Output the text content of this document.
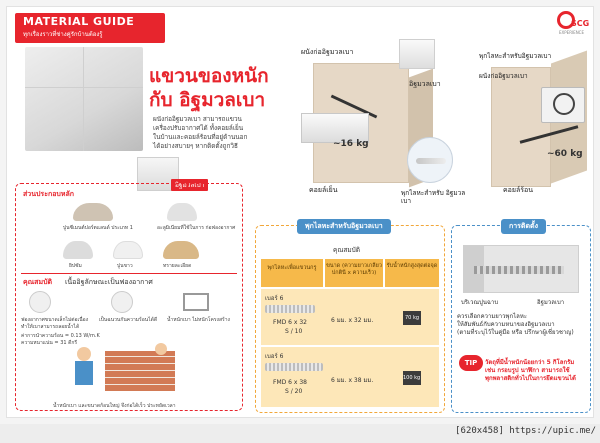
MATERIAL GUIDE
ทุกเรื่องราวที่ช่างคู่รักบ้านต้องรู้
SCG
EXPERIENCE
แขวนของหนัก
กับ อิฐมวลเบา
ผนังก่ออิฐมวลเบา สามารถแขวน
เครื่องปรับอากาศได้ ทั้งคอยล์เย็น
ในบ้านและคอยล์ร้อนที่อยู่ด้านนอก
ได้อย่างสบายๆ หากติดตั้งถูกวิธี
อิฐมวลเบา
ส่วนประกอบหลัก
ปูนซีเมนต์ปอร์ตแลนด์ ประเภท 1	อะลูมิเนียมที่ใช้ในการ ก่อฟองอากาศ
ยิปซัม	ปูนขาว	ทรายละเอียด
คุณสมบัติ เนื้ออิฐลักษณะเป็นฟองอากาศ
ฟองอากาศขนาดเล็กไม่ต่อเนื่อง ทำให้เบาสามารถลอยน้ำได้
เป็นฉนวนกันความร้อนได้ดี	น้ำหนักเบา ไม่หนักโครงสร้าง
ค่าการนำความร้อน = 0.13 W/m.K
ความหนาแน่น = 31 ดีกรี
น้ำหนักเบา และขนาดก้อนใหญ่ จึงก่อได้เร็ว ประหยัดเวลา
ผนังก่ออิฐมวลเบา
อิฐมวลเบา
~16 kg
คอยล์เย็น	พุกไลหะสำหรับ อิฐมวลเบา
พุกไลหะสำหรับอิฐมวลเบา
ผนังก่ออิฐมวลเบา
~60 kg
คอยล์ร้อน
พุกไลหะสำหรับอิฐมวลเบา
คุณสมบัติ
พุกไลหะเพื่อแขวนกรู	ขนาด (ความยาวเกลียวปกตินี x ความเร็ว)
รับน้ำหนักสูงสุดต่อจุด
เบอร์ 6
FMD 6 x 32
S / 10
6 มม. x 32 มม.	70 kg
เบอร์ 6
FMD 6 x 38
S / 20
6 มม. x 38 มม.	100 kg
การติดตั้ง
บริเวณปูนฉาบ	อิฐมวลเบา
ควรเลือกความยาวพุกไลหะ
ให้สัมพันธ์กับความหนาของอิฐมวลเบา
(ตามที่ระบุไว้ในคู่มือ หรือ ปรึกษาผู้เชี่ยวชาญ)
TIP	วัตถุที่มีน้ำหนักน้อยกว่า 5 กิโลกรัม
เช่น กรอบรูป นาฬิกา สามารถใช้
พุกพลาสติกทั่วไปในการยึดแขวนได้
[620x458] https://upic.me/
